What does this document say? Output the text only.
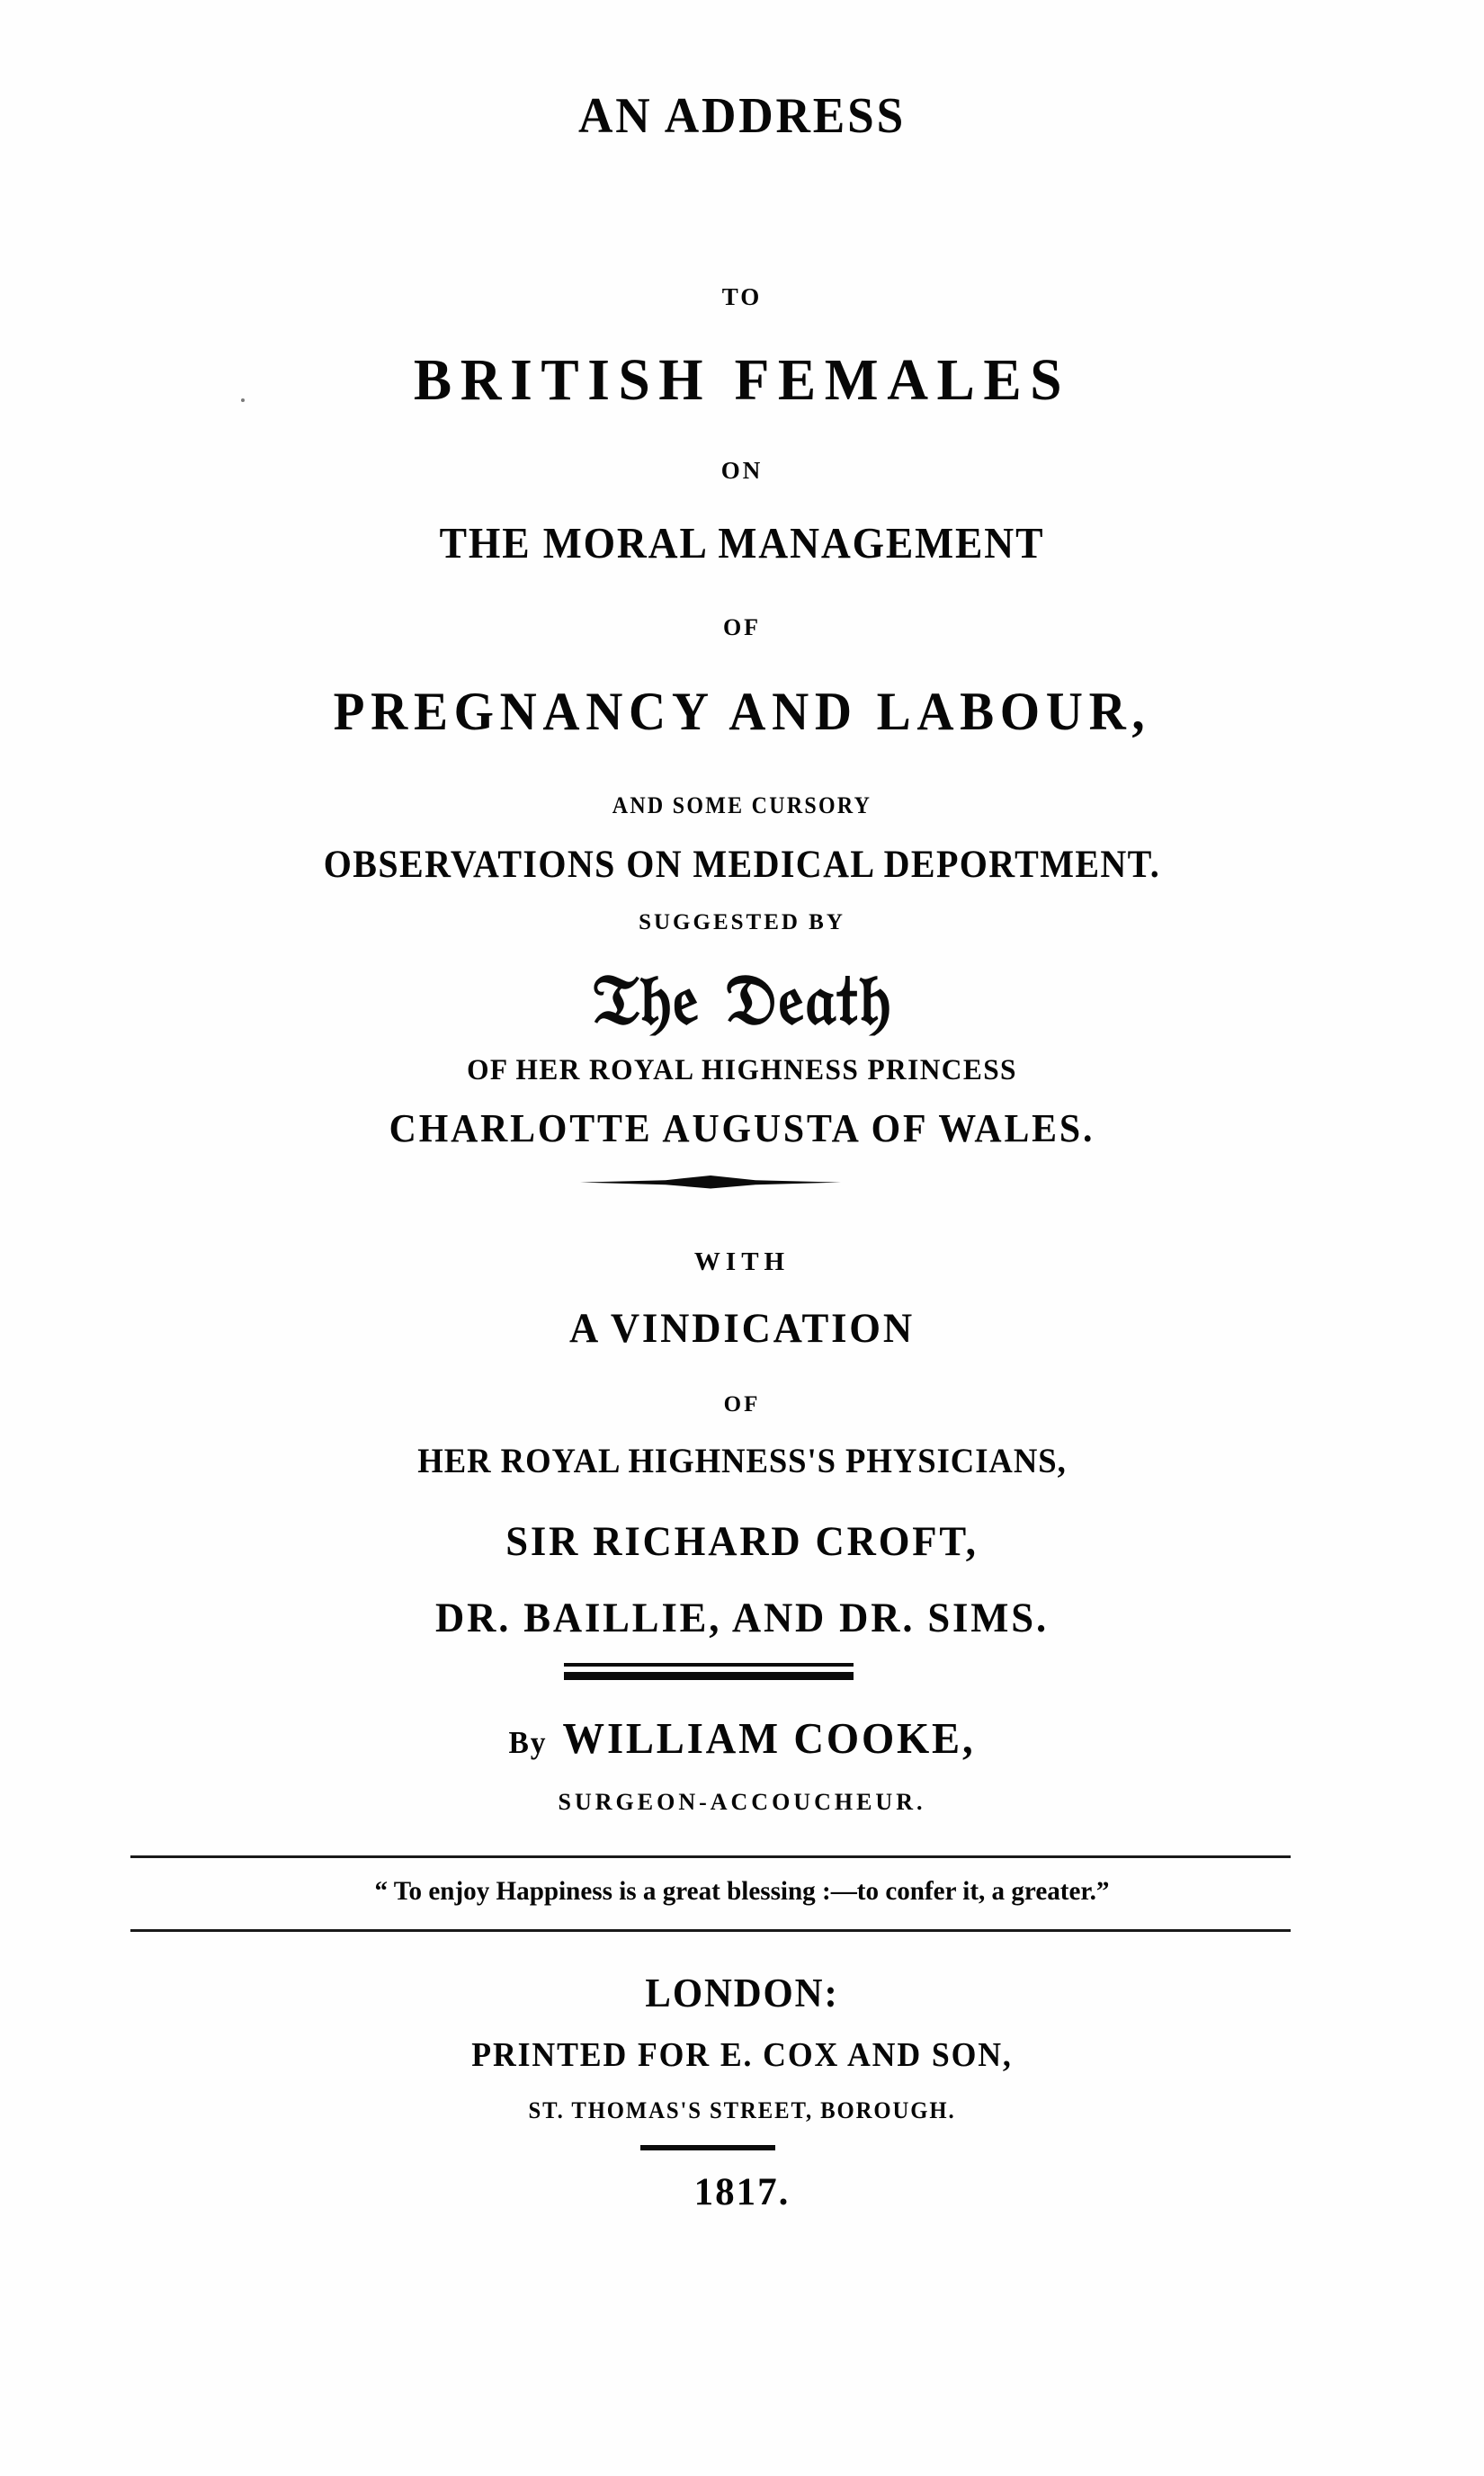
AN ADDRESS
TO
BRITISH FEMALES
ON
THE MORAL MANAGEMENT
OF
PREGNANCY AND LABOUR,
AND SOME CURSORY
OBSERVATIONS ON MEDICAL DEPORTMENT.
SUGGESTED BY
𝔗𝔥𝔢 𝔇𝔢𝔞𝔱𝔥
OF HER ROYAL HIGHNESS PRINCESS
CHARLOTTE AUGUSTA OF WALES.
WITH
A VINDICATION
OF
HER ROYAL HIGHNESS'S PHYSICIANS,
SIR RICHARD CROFT,
DR. BAILLIE, AND DR. SIMS.
By WILLIAM COOKE,
SURGEON-ACCOUCHEUR.
“ To enjoy Happiness is a great blessing :—to confer it, a greater.”
LONDON:
PRINTED FOR E. COX AND SON,
ST. THOMAS'S STREET, BOROUGH.
1817.
